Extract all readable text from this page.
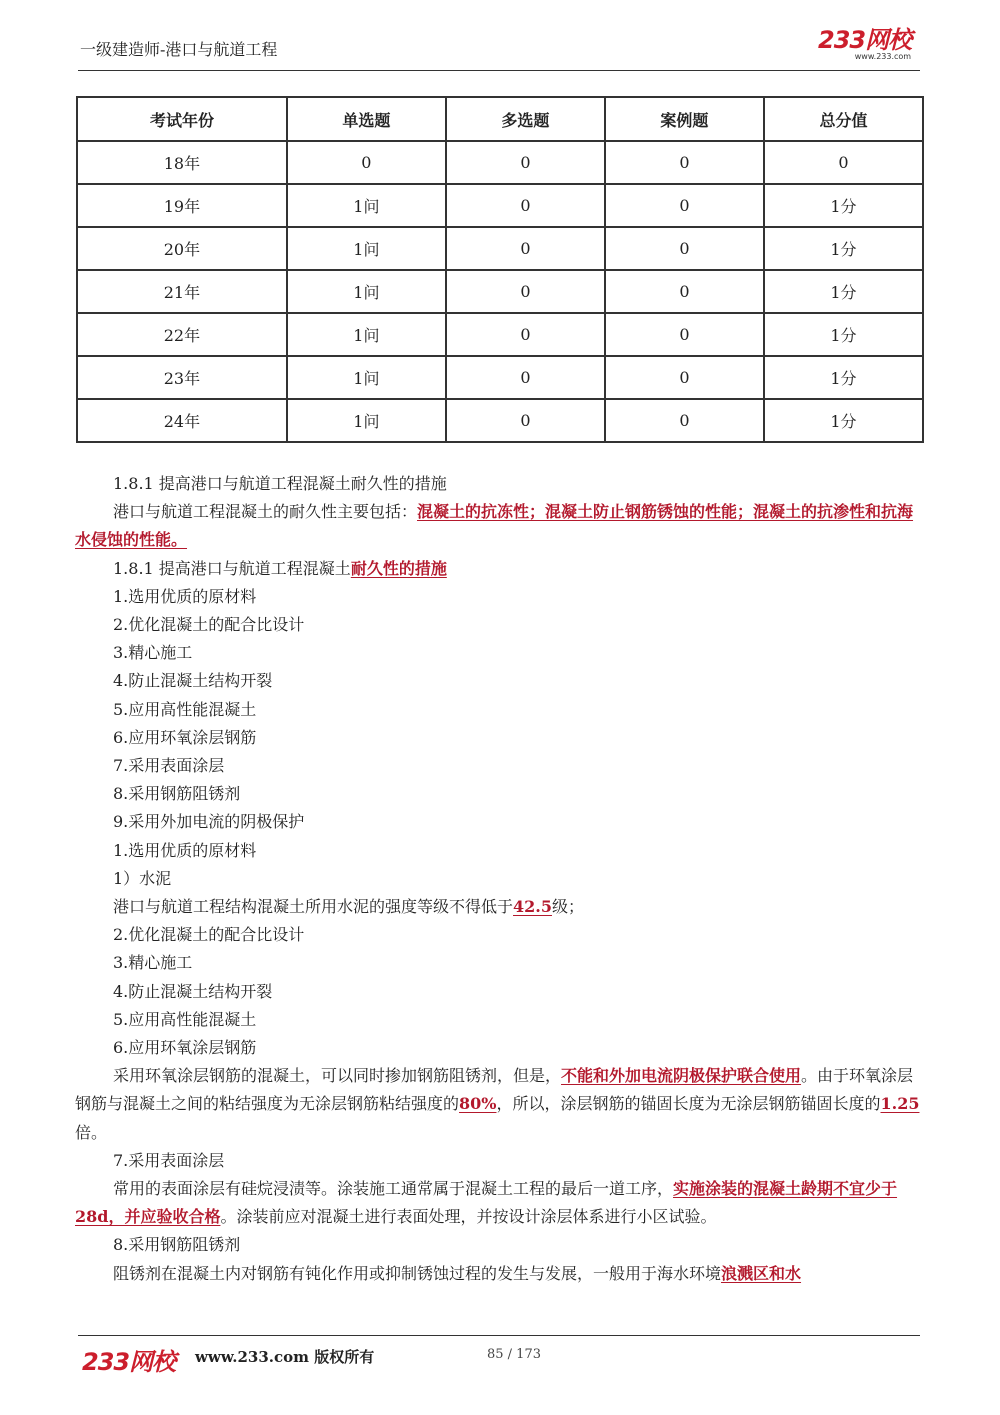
一级建造师-港口与航道工程	233网校
www.233.com
考试年份	单选题	多选题	案例题	总分值
18年	0	0	0	0
19年	1问	0	0	1分
20年	1问	0	0	1分
21年	1问	0	0	1分
22年	1问	0	0	1分
23年	1问	0	0	1分
24年	1问	0	0	1分

1.8.1 提高港口与航道工程混凝土耐久性的措施

港口与航道工程混凝土的耐久性主要包括：混凝土的抗冻性；混凝土防止钢筋锈蚀的性能；混凝土的抗渗性和抗海水侵蚀的性能。

1.8.1 提高港口与航道工程混凝土耐久性的措施

1.选用优质的原材料

2.优化混凝土的配合比设计

3.精心施工

4.防止混凝土结构开裂

5.应用高性能混凝土

6.应用环氧涂层钢筋

7.采用表面涂层

8.采用钢筋阻锈剂

9.采用外加电流的阴极保护

1.选用优质的原材料

1）水泥

港口与航道工程结构混凝土所用水泥的强度等级不得低于42.5级；

2.优化混凝土的配合比设计

3.精心施工

4.防止混凝土结构开裂

5.应用高性能混凝土

6.应用环氧涂层钢筋

采用环氧涂层钢筋的混凝土，可以同时掺加钢筋阻锈剂，但是，不能和外加电流阴极保护联合使用。由于环氧涂层钢筋与混凝土之间的粘结强度为无涂层钢筋粘结强度的80%，所以，涂层钢筋的锚固长度为无涂层钢筋锚固长度的1.25倍。

7.采用表面涂层

常用的表面涂层有硅烷浸渍等。涂装施工通常属于混凝土工程的最后一道工序，实施涂装的混凝土龄期不宜少于28d，并应验收合格。涂装前应对混凝土进行表面处理，并按设计涂层体系进行小区试验。

8.采用钢筋阻锈剂

阻锈剂在混凝土内对钢筋有钝化作用或抑制锈蚀过程的发生与发展，一般用于海水环境浪溅区和水

233网校 www.233.com 版权所有	85 / 173
